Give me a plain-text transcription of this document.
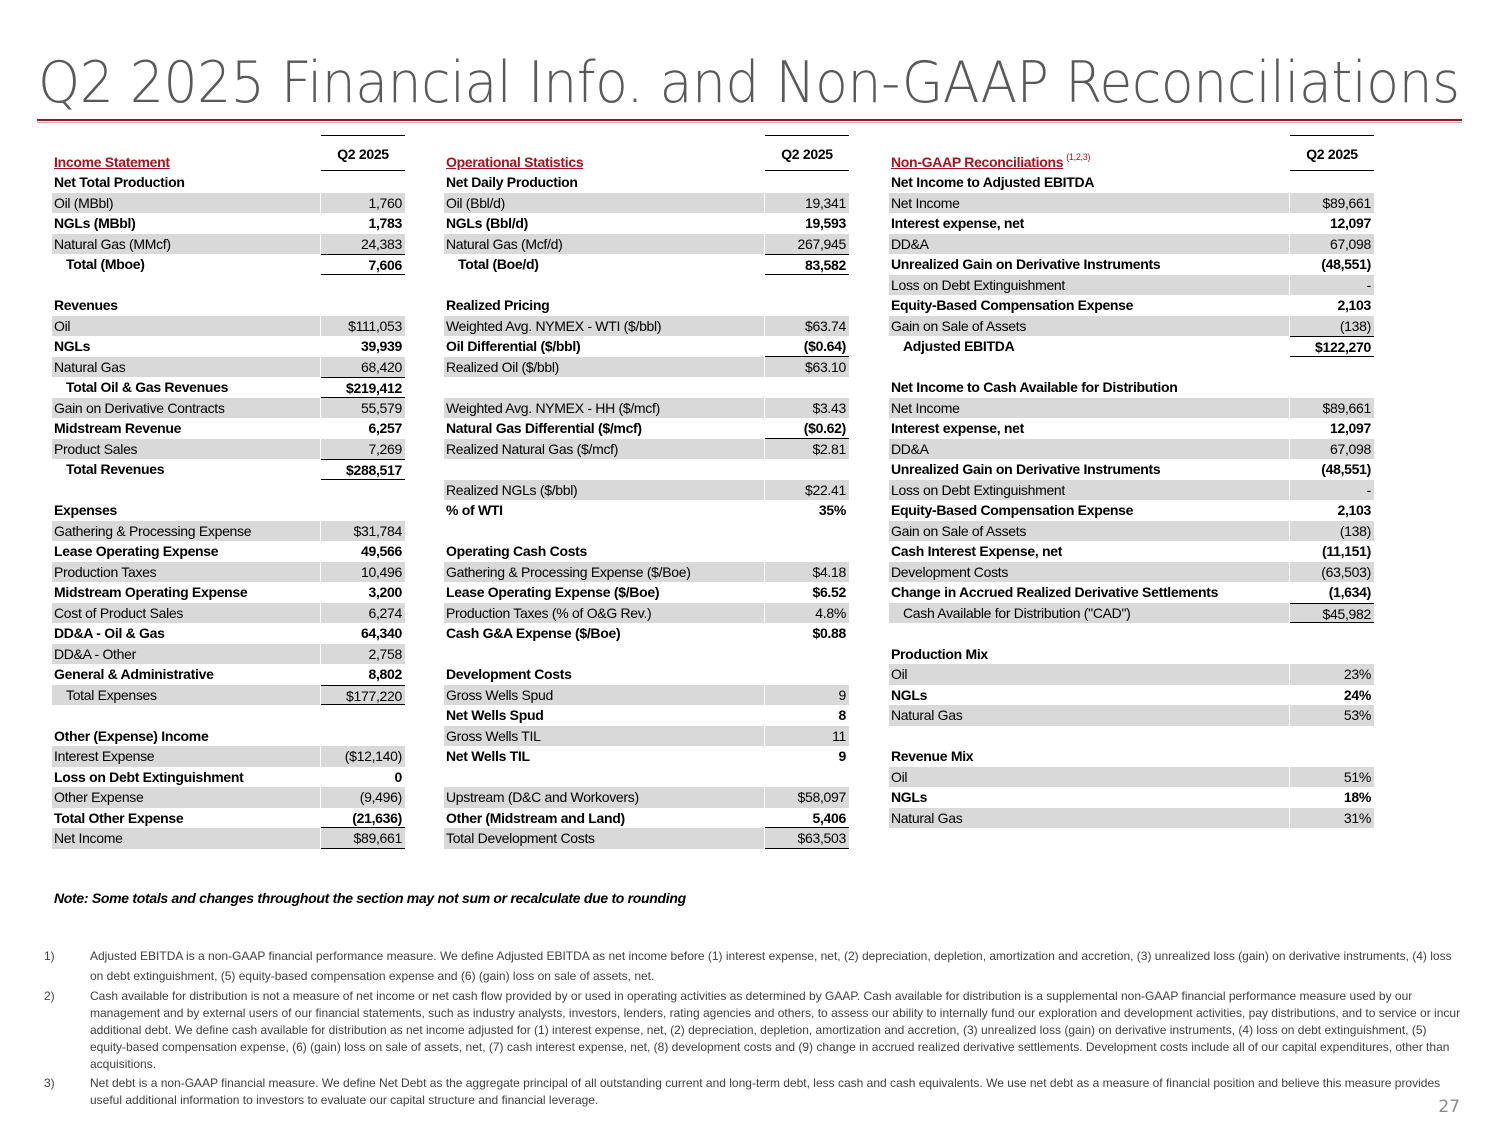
Q2 2025 Financial Info. and Non-GAAP Reconciliations
Income Statement	Q2 2025
Net Total Production
Oil (MBbl)	1,760
NGLs (MBbl)	1,783
Natural Gas (MMcf)	24,383
Total (Mboe)	7,606
Revenues
Oil	$111,053
NGLs	39,939
Natural Gas	68,420
Total Oil & Gas Revenues	$219,412
Gain on Derivative Contracts	55,579
Midstream Revenue	6,257
Product Sales	7,269
Total Revenues	$288,517
Expenses
Gathering & Processing Expense	$31,784
Lease Operating Expense	49,566
Production Taxes	10,496
Midstream Operating Expense	3,200
Cost of Product Sales	6,274
DD&A - Oil & Gas	64,340
DD&A - Other	2,758
General & Administrative	8,802
Total Expenses	$177,220
Other (Expense) Income
Interest Expense	($12,140)
Loss on Debt Extinguishment	0
Other Expense	(9,496)
Total Other Expense	(21,636)
Net Income	$89,661
Operational Statistics	Q2 2025
Net Daily Production
Oil (Bbl/d)	19,341
NGLs (Bbl/d)	19,593
Natural Gas (Mcf/d)	267,945
Total (Boe/d)	83,582
Realized Pricing
Weighted Avg. NYMEX - WTI ($/bbl)	$63.74
Oil Differential ($/bbl)	($0.64)
Realized Oil ($/bbl)	$63.10
Weighted Avg. NYMEX - HH ($/mcf)	$3.43
Natural Gas Differential ($/mcf)	($0.62)
Realized Natural Gas ($/mcf)	$2.81
Realized NGLs ($/bbl)	$22.41
% of WTI	35%
Operating Cash Costs
Gathering & Processing Expense ($/Boe)	$4.18
Lease Operating Expense ($/Boe)	$6.52
Production Taxes (% of O&G Rev.)	4.8%
Cash G&A Expense ($/Boe)	$0.88
Development Costs
Gross Wells Spud	9
Net Wells Spud	8
Gross Wells TIL	11
Net Wells TIL	9
Upstream (D&C and Workovers)	$58,097
Other (Midstream and Land)	5,406
Total Development Costs	$63,503
Non-GAAP Reconciliations $^{(1,2,3)}$	Q2 2025
Net Income to Adjusted EBITDA
Net Income	$89,661
Interest expense, net	12,097
DD&A	67,098
Unrealized Gain on Derivative Instruments	(48,551)
Loss on Debt Extinguishment	-
Equity-Based Compensation Expense	2,103
Gain on Sale of Assets	(138)
Adjusted EBITDA	$122,270
Net Income to Cash Available for Distribution
Net Income	$89,661
Interest expense, net	12,097
DD&A	67,098
Unrealized Gain on Derivative Instruments	(48,551)
Loss on Debt Extinguishment	-
Equity-Based Compensation Expense	2,103
Gain on Sale of Assets	(138)
Cash Interest Expense, net	(11,151)
Development Costs	(63,503)
Change in Accrued Realized Derivative Settlements	(1,634)
Cash Available for Distribution ("CAD")	$45,982
Production Mix
Oil	23%
NGLs	24%
Natural Gas	53%
Revenue Mix
Oil	51%
NGLs	18%
Natural Gas	31%
Note: Some totals and changes throughout the section may not sum or recalculate due to rounding
1)	Adjusted EBITDA is a non-GAAP financial performance measure. We define Adjusted EBITDA as net income before (1) interest expense, net, (2) depreciation, depletion, amortization and accretion, (3) unrealized loss (gain) on derivative instruments, (4) loss on debt extinguishment, (5) equity-based compensation expense and (6) (gain) loss on sale of assets, net.
2)	Cash available for distribution is not a measure of net income or net cash flow provided by or used in operating activities as determined by GAAP. Cash available for distribution is a supplemental non-GAAP financial performance measure used by our management and by external users of our financial statements, such as industry analysts, investors, lenders, rating agencies and others, to assess our ability to internally fund our exploration and development activities, pay distributions, and to service or incur additional debt. We define cash available for distribution as net income adjusted for (1) interest expense, net, (2) depreciation, depletion, amortization and accretion, (3) unrealized loss (gain) on derivative instruments, (4) loss on debt extinguishment, (5) equity-based compensation expense, (6) (gain) loss on sale of assets, net, (7) cash interest expense, net, (8) development costs and (9) change in accrued realized derivative settlements. Development costs include all of our capital expenditures, other than acquisitions.
3)	Net debt is a non-GAAP financial measure. We define Net Debt as the aggregate principal of all outstanding current and long-term debt, less cash and cash equivalents. We use net debt as a measure of financial position and believe this measure provides useful additional information to investors to evaluate our capital structure and financial leverage.	27
